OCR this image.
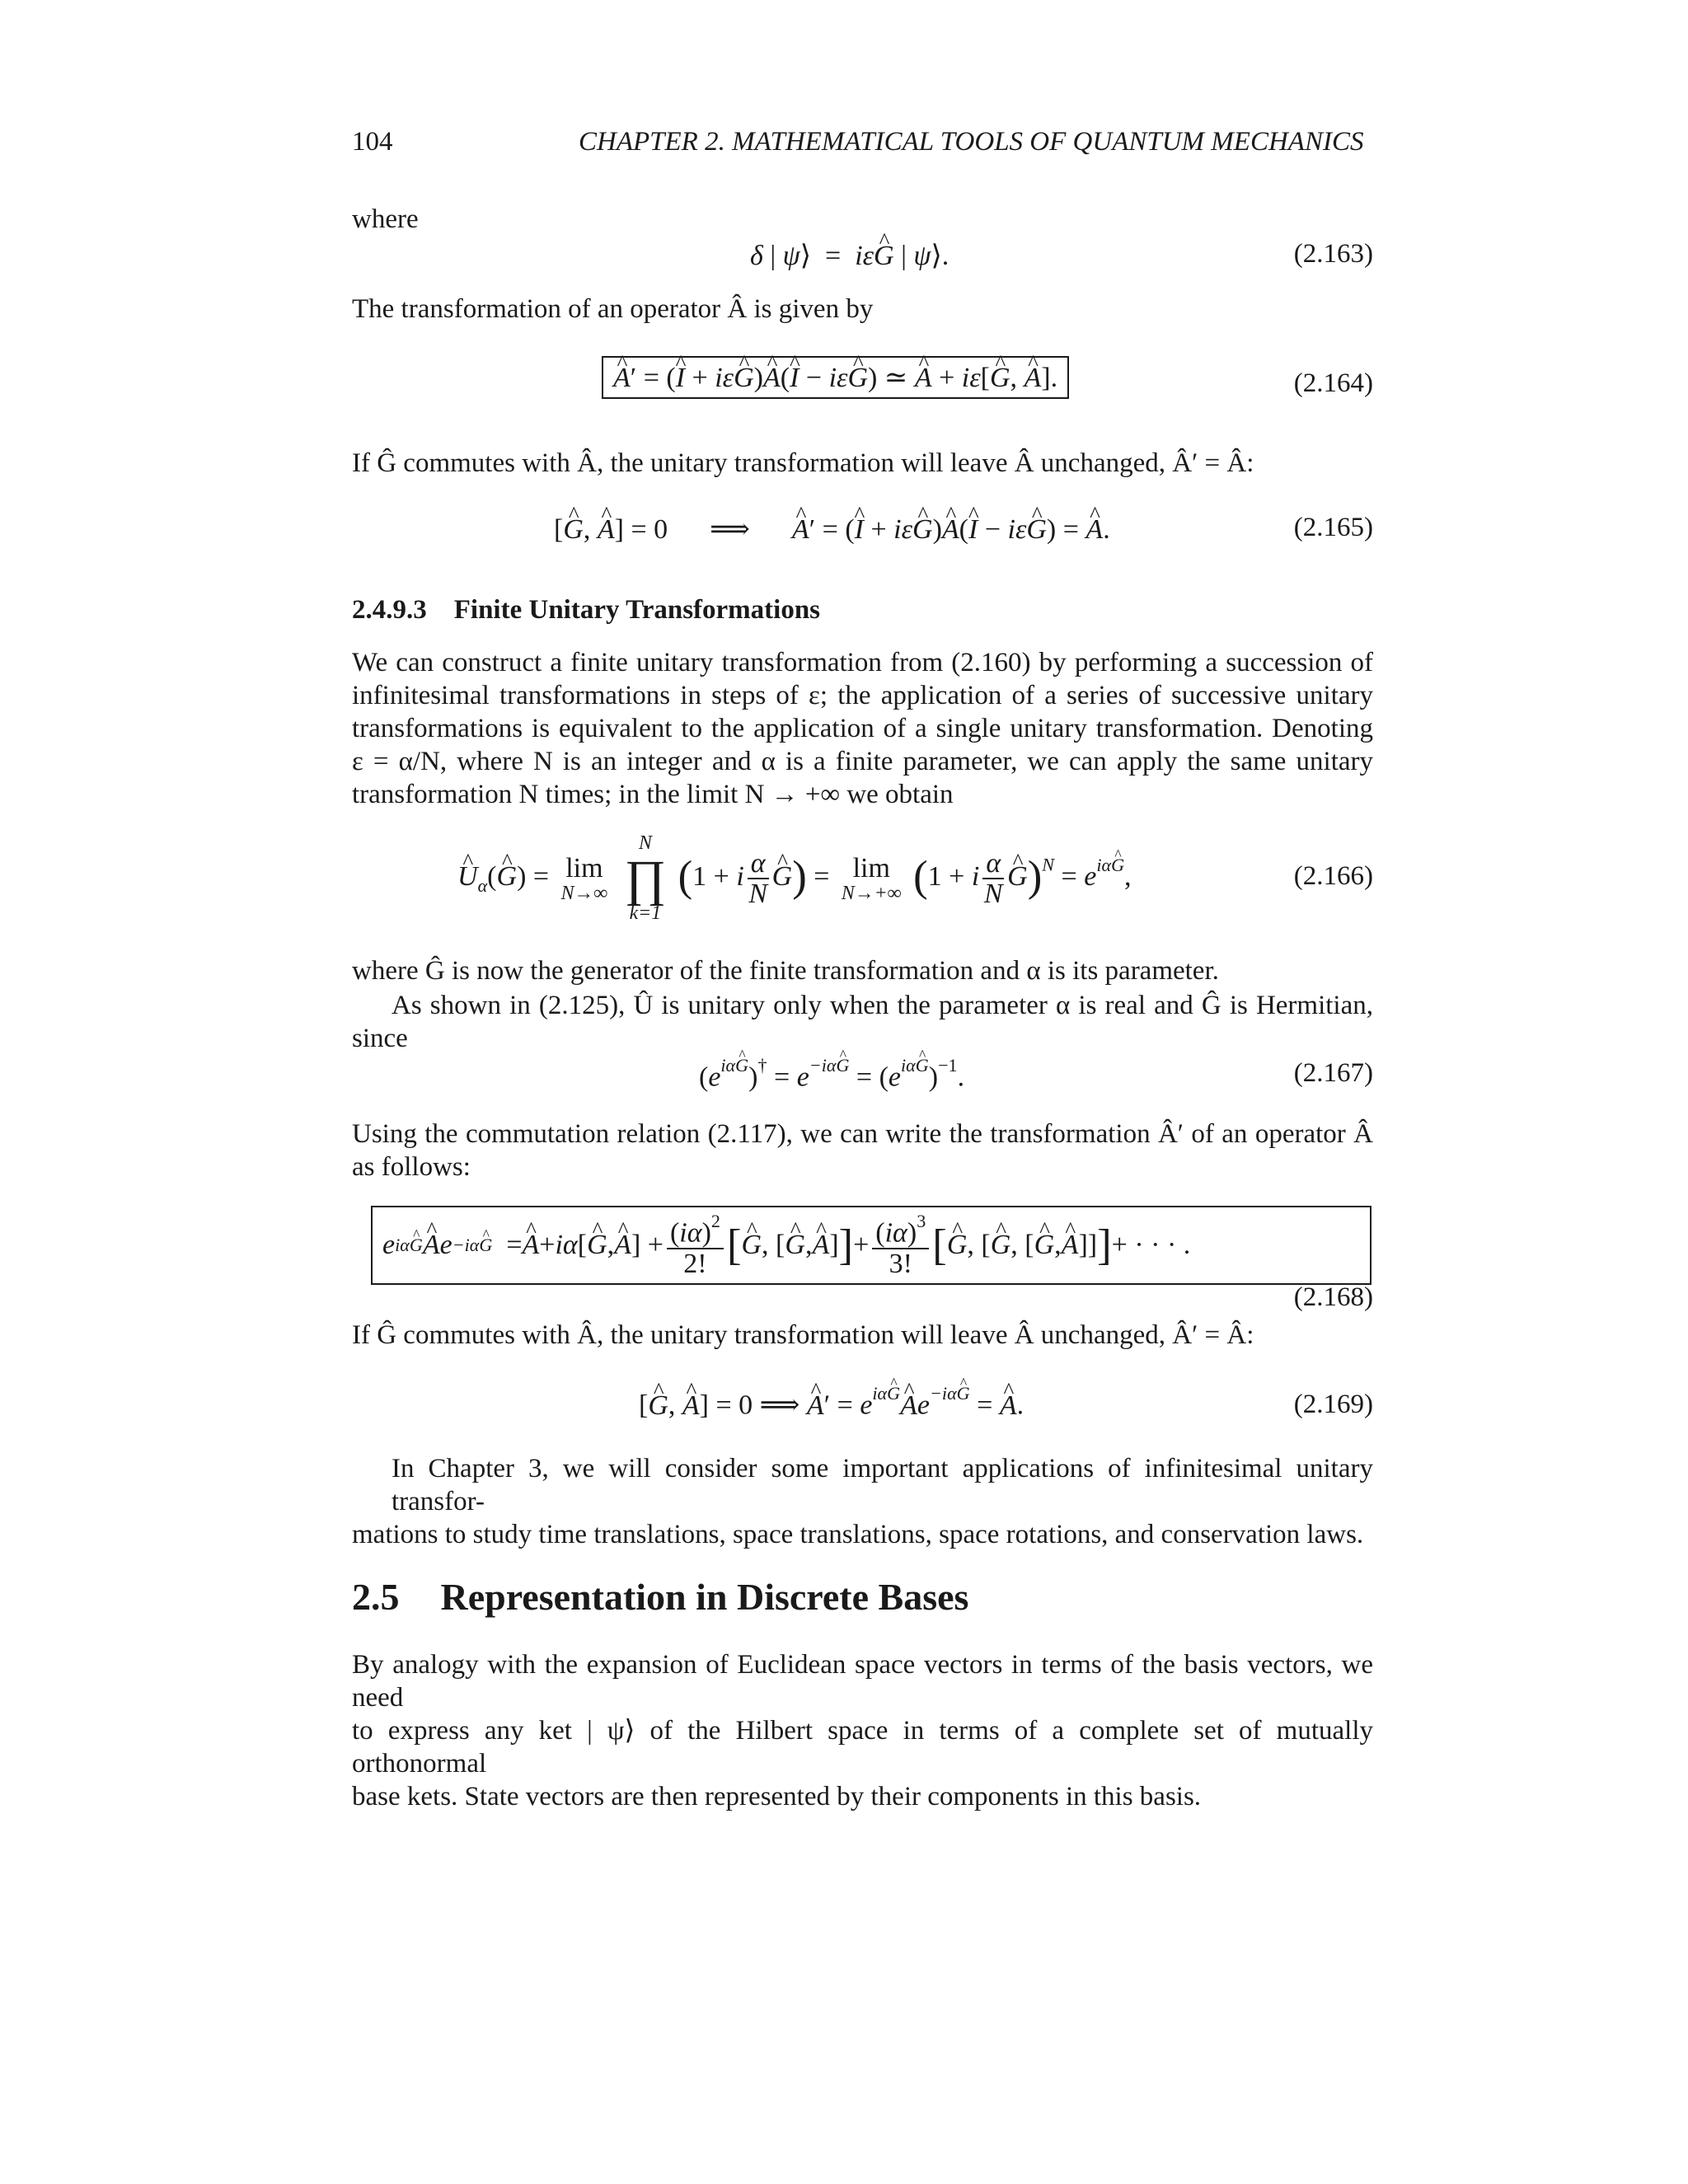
104	CHAPTER 2. MATHEMATICAL TOOLS OF QUANTUM MECHANICS
where
δ | ψ⟩  =  iε^ G | ψ⟩.	(2.163)
The transformation of an operator Â is given by
^ A′ = (^ I + iε^ G)^ A(^ I − iε^ G) ≃ ^ A + iε[^ G, ^ A].	(2.164)
If Ĝ commutes with Â, the unitary transformation will leave Â unchanged, Â′ = Â:
[^ G, ^ A] = 0      ⟹      ^ A′ = (^ I + iε^ G)^ A(^ I − iε^ G) = ^ A.	(2.165)
2.4.9.3    Finite Unitary Transformations
We can construct a finite unitary transformation from (2.160) by performing a succession of
infinitesimal transformations in steps of ε; the application of a series of successive unitary
transformations is equivalent to the application of a single unitary transformation. Denoting
ε = α/N, where N is an integer and α is a finite parameter, we can apply the same unitary
transformation N times; in the limit N → +∞ we obtain
^ $U_\alpha(\^{}$ G) = lim
N→∞

N
∏
k=1
(1 + i $\frac{\alpha}{N}$ ^ G) = lim
N→+∞ (1 + i $\frac{\alpha}{N}$ ^ $G)^N = e^{i\alpha\^{} G}$,	(2.166)
where Ĝ is now the generator of the finite transformation and α is its parameter.
As shown in (2.125), Û is unitary only when the parameter α is real and Ĝ is Hermitian,
since
$(e^{i\alpha\^{} G})^\dagger = e^{-i\alpha\^{} G} = (e^{i\alpha\^{} G})^{-1}$.	(2.167)
Using the commutation relation (2.117), we can write the transformation Â′ of an operator Â
as follows:
e iα^ G ^ A e −iα^ G = ^ A + iα [ ^ G , ^ A ] + $\frac{(i\alpha)^2}{2!}$ [ ^ G , [ ^ G , ^ A ] ] + $\frac{(i\alpha)^3}{3!}$ [ ^ G , [ ^ G , [ ^ G , ^ A ]] ] + · · · .
(2.168)
If Ĝ commutes with Â, the unitary transformation will leave Â unchanged, Â′ = Â:
[^ G, ^ A] = 0 ⟹ ^ $A' = e^{i\alpha\^{} G}\^{}$ $Ae^{-i\alpha\^{} G}$ = ^ A.	(2.169)
In Chapter 3, we will consider some important applications of infinitesimal unitary transfor-
mations to study time translations, space translations, space rotations, and conservation laws.
2.5 Representation in Discrete Bases
By analogy with the expansion of Euclidean space vectors in terms of the basis vectors, we need
to express any ket | ψ⟩ of the Hilbert space in terms of a complete set of mutually orthonormal
base kets. State vectors are then represented by their components in this basis.
